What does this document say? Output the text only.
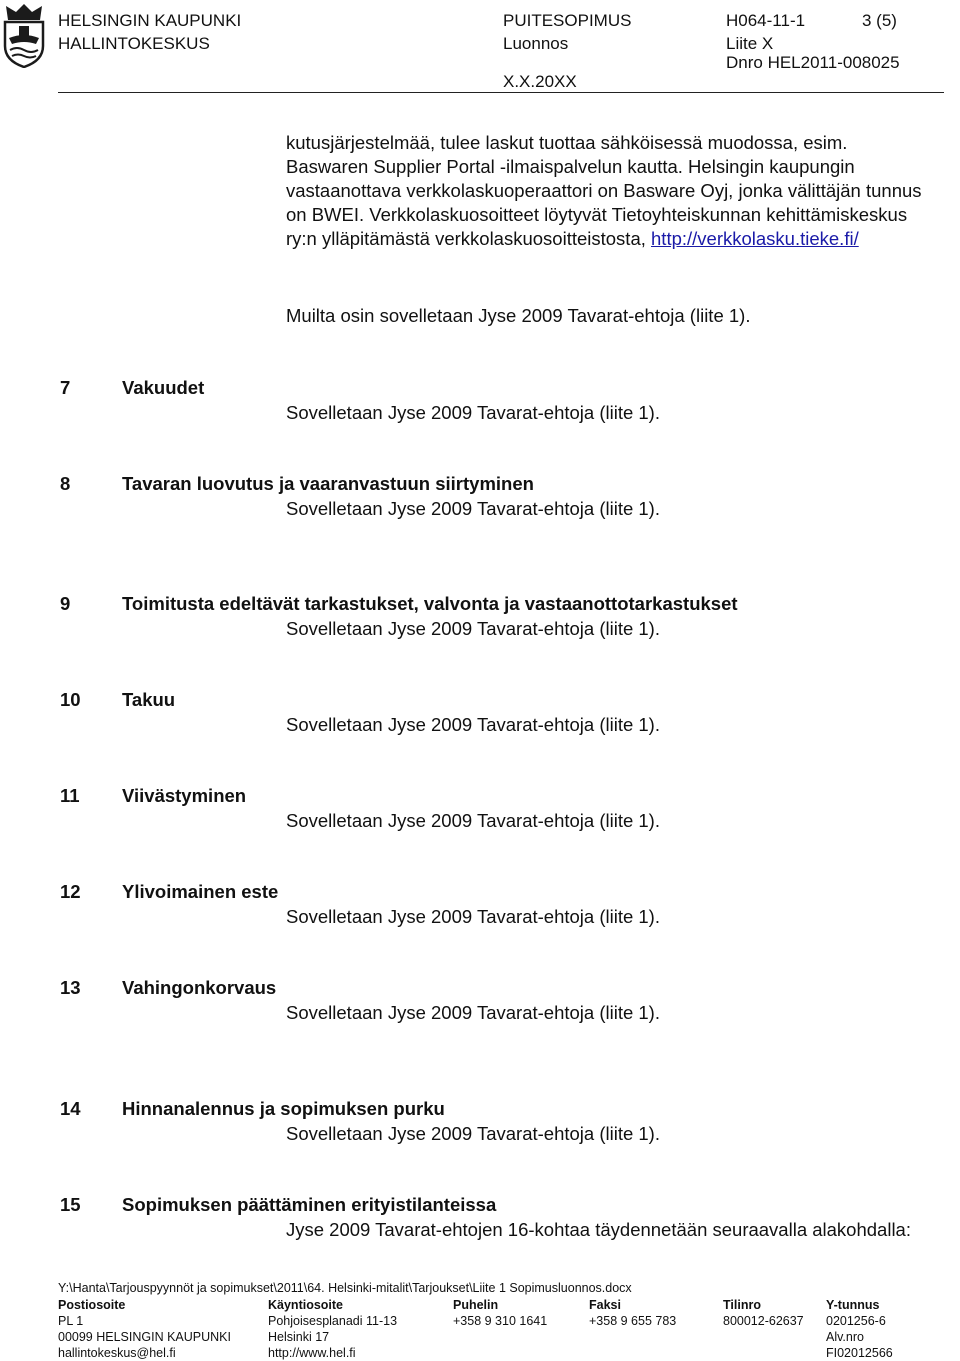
HELSINGIN KAUPUNKI
HALLINTOKESKUS
PUITESOPIMUS
Luonnos
X.X.20XX
H064-11-1	3 (5)
Liite X
Dnro HEL2011-008025
kutusjärjestelmää, tulee laskut tuottaa sähköisessä muodossa, esim. Baswaren Supplier Portal -ilmaispalvelun kautta. Helsingin kaupungin vastaanottava verkkolaskuoperaattori on Basware Oyj, jonka välittäjän tunnus on BWEI. Verkkolaskuosoitteet löytyvät Tietoyhteiskunnan kehittämiskeskus ry:n ylläpitämästä verkkolaskuosoitteistosta, http://verkkolasku.tieke.fi/
Muilta osin sovelletaan Jyse 2009 Tavarat-ehtoja (liite 1).
7	Vakuudet
Sovelletaan Jyse 2009 Tavarat-ehtoja (liite 1).
8	Tavaran luovutus ja vaaranvastuun siirtyminen
Sovelletaan Jyse 2009 Tavarat-ehtoja (liite 1).
9	Toimitusta edeltävät tarkastukset, valvonta ja vastaanottotarkastukset
Sovelletaan Jyse 2009 Tavarat-ehtoja (liite 1).
10 Takuu
Sovelletaan Jyse 2009 Tavarat-ehtoja (liite 1).
11 Viivästyminen
Sovelletaan Jyse 2009 Tavarat-ehtoja (liite 1).
12 Ylivoimainen este
Sovelletaan Jyse 2009 Tavarat-ehtoja (liite 1).
13 Vahingonkorvaus
Sovelletaan Jyse 2009 Tavarat-ehtoja (liite 1).
14 Hinnanalennus ja sopimuksen purku
Sovelletaan Jyse 2009 Tavarat-ehtoja (liite 1).
15 Sopimuksen päättäminen erityistilanteissa
Jyse 2009 Tavarat-ehtojen 16-kohtaa täydennetään seuraavalla alakohdalla:
Y:\Hanta\Tarjouspyynnöt ja sopimukset\2011\64. Helsinki-mitalit\Tarjoukset\Liite 1 Sopimusluonnos.docx
Postiosoite
PL 1
00099 HELSINGIN KAUPUNKI
hallintokeskus@hel.fi
Käyntiosoite
Pohjoisesplanadi 11-13
Helsinki 17
http://www.hel.fi
Puhelin
+358 9 310 1641
Faksi
+358 9 655 783
Tilinro
800012-62637
Y-tunnus
0201256-6
Alv.nro
FI02012566
